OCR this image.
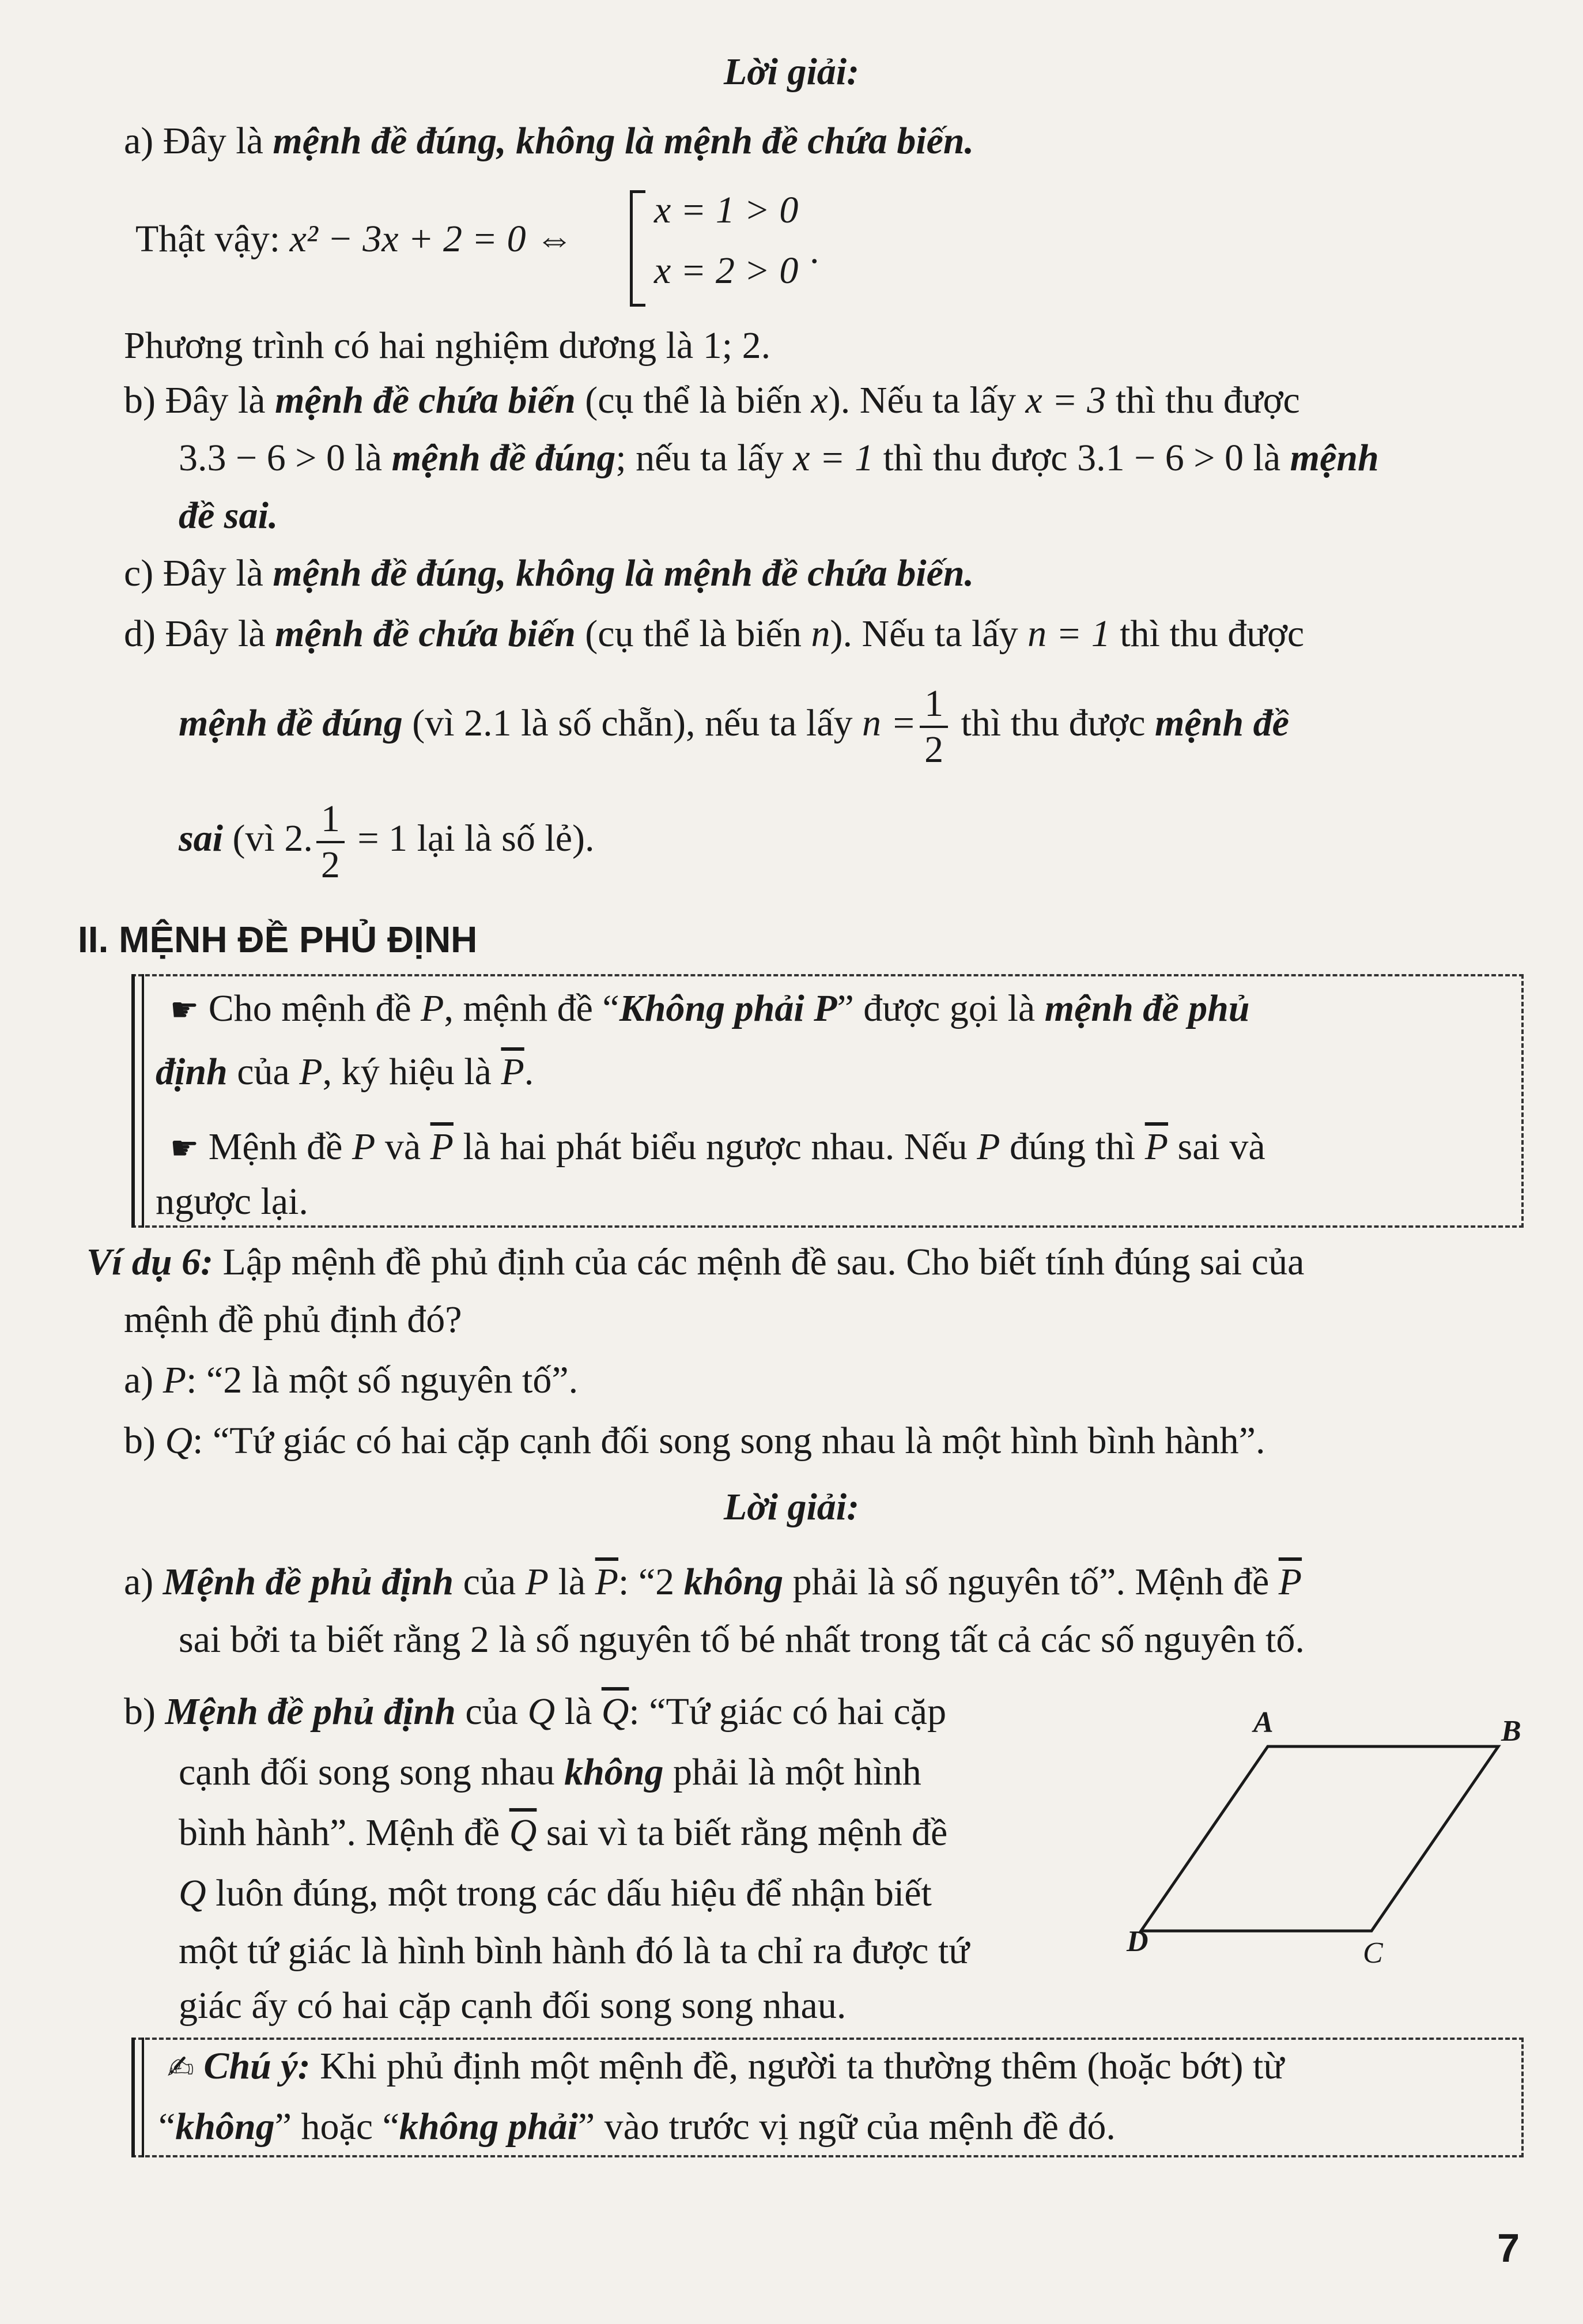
Lời giải:
a) Đây là mệnh đề đúng, không là mệnh đề chứa biến.
Thật vậy: x² − 3x + 2 = 0 ⇔
x = 1 > 0
x = 2 > 0 .
Phương trình có hai nghiệm dương là 1; 2.
b) Đây là mệnh đề chứa biến (cụ thể là biến x). Nếu ta lấy x = 3 thì thu được
3.3 − 6 > 0 là mệnh đề đúng; nếu ta lấy x = 1 thì thu được 3.1 − 6 > 0 là mệnh
đề sai.
c) Đây là mệnh đề đúng, không là mệnh đề chứa biến.
d) Đây là mệnh đề chứa biến (cụ thể là biến n). Nếu ta lấy n = 1 thì thu được
mệnh đề đúng (vì 2.1 là số chẵn), nếu ta lấy $n = \frac{1}{2}$ thì thu được mệnh đề
sai (vì 2. $\frac{1}{2} = 1$ lại là số lẻ).
II. MỆNH ĐỀ PHỦ ĐỊNH
☛ Cho mệnh đề P, mệnh đề “Không phải P” được gọi là mệnh đề phủ
định của P, ký hiệu là $\overline{P}$.
☛ Mệnh đề P và $\overline{P}$ là hai phát biểu ngược nhau. Nếu P đúng thì $\overline{P}$ sai và
ngược lại.
Ví dụ 6: Lập mệnh đề phủ định của các mệnh đề sau. Cho biết tính đúng sai của
mệnh đề phủ định đó?
a) P: “2 là một số nguyên tố”.
b) Q: “Tứ giác có hai cặp cạnh đối song song nhau là một hình bình hành”.
Lời giải:
a) Mệnh đề phủ định của P là $\overline{P}$: “2 không phải là số nguyên tố”. Mệnh đề $\overline{P}$
sai bởi ta biết rằng 2 là số nguyên tố bé nhất trong tất cả các số nguyên tố.
b) Mệnh đề phủ định của Q là $\overline{Q}$: “Tứ giác có hai cặp
cạnh đối song song nhau không phải là một hình
bình hành”. Mệnh đề $\overline{Q}$ sai vì ta biết rằng mệnh đề
Q luôn đúng, một trong các dấu hiệu để nhận biết
một tứ giác là hình bình hành đó là ta chỉ ra được tứ
giác ấy có hai cặp cạnh đối song song nhau.
A	B
C
D
✍ Chú ý: Khi phủ định một mệnh đề, người ta thường thêm (hoặc bớt) từ
“không” hoặc “không phải” vào trước vị ngữ của mệnh đề đó.
7
